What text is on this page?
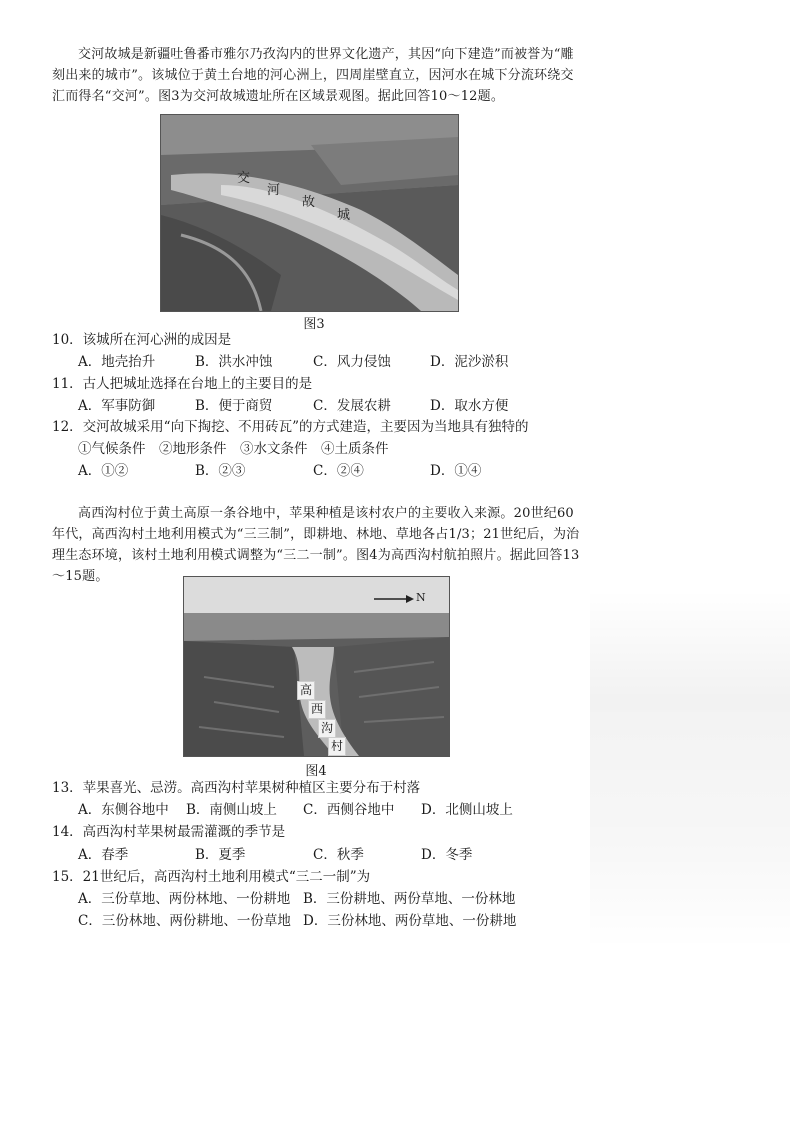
交河故城是新疆吐鲁番市雅尔乃孜沟内的世界文化遗产，其因“向下建造”而被誉为“雕刻出来的城市”。该城位于黄土台地的河心洲上，四周崖壁直立，因河水在城下分流环绕交汇而得名“交河”。图3为交河故城遗址所在区域景观图。据此回答10～12题。

交
河
故
城
图3

10．该城所在河心洲的成因是

A．地壳抬升	B．洪水冲蚀	C．风力侵蚀	D．泥沙淤积

11．古人把城址选择在台地上的主要目的是

A．军事防御	B．便于商贸	C．发展农耕	D．取水方便

12．交河故城采用“向下掏挖、不用砖瓦”的方式建造，主要因为当地具有独特的

①气候条件　②地形条件　③水文条件　④土质条件

A．①②	B．②③	C．②④	D．①④

高西沟村位于黄土高原一条谷地中，苹果种植是该村农户的主要收入来源。20世纪60年代，高西沟村土地利用模式为“三三制”，即耕地、林地、草地各占1/3；21世纪后，为治理生态环境，该村土地利用模式调整为“三二一制”。图4为高西沟村航拍照片。据此回答13～15题。

N
高
西
沟
村
图4

13．苹果喜光、忌涝。高西沟村苹果树种植区主要分布于村落

A．东侧谷地中 B．南侧山坡上 C．西侧谷地中 D．北侧山坡上

14．高西沟村苹果树最需灌溉的季节是

A．春季	B．夏季	C．秋季	D．冬季

15．21世纪后，高西沟村土地利用模式“三二一制”为

A．三份草地、两份林地、一份耕地 B．三份耕地、两份草地、一份林地
C．三份林地、两份耕地、一份草地 D．三份林地、两份草地、一份耕地
